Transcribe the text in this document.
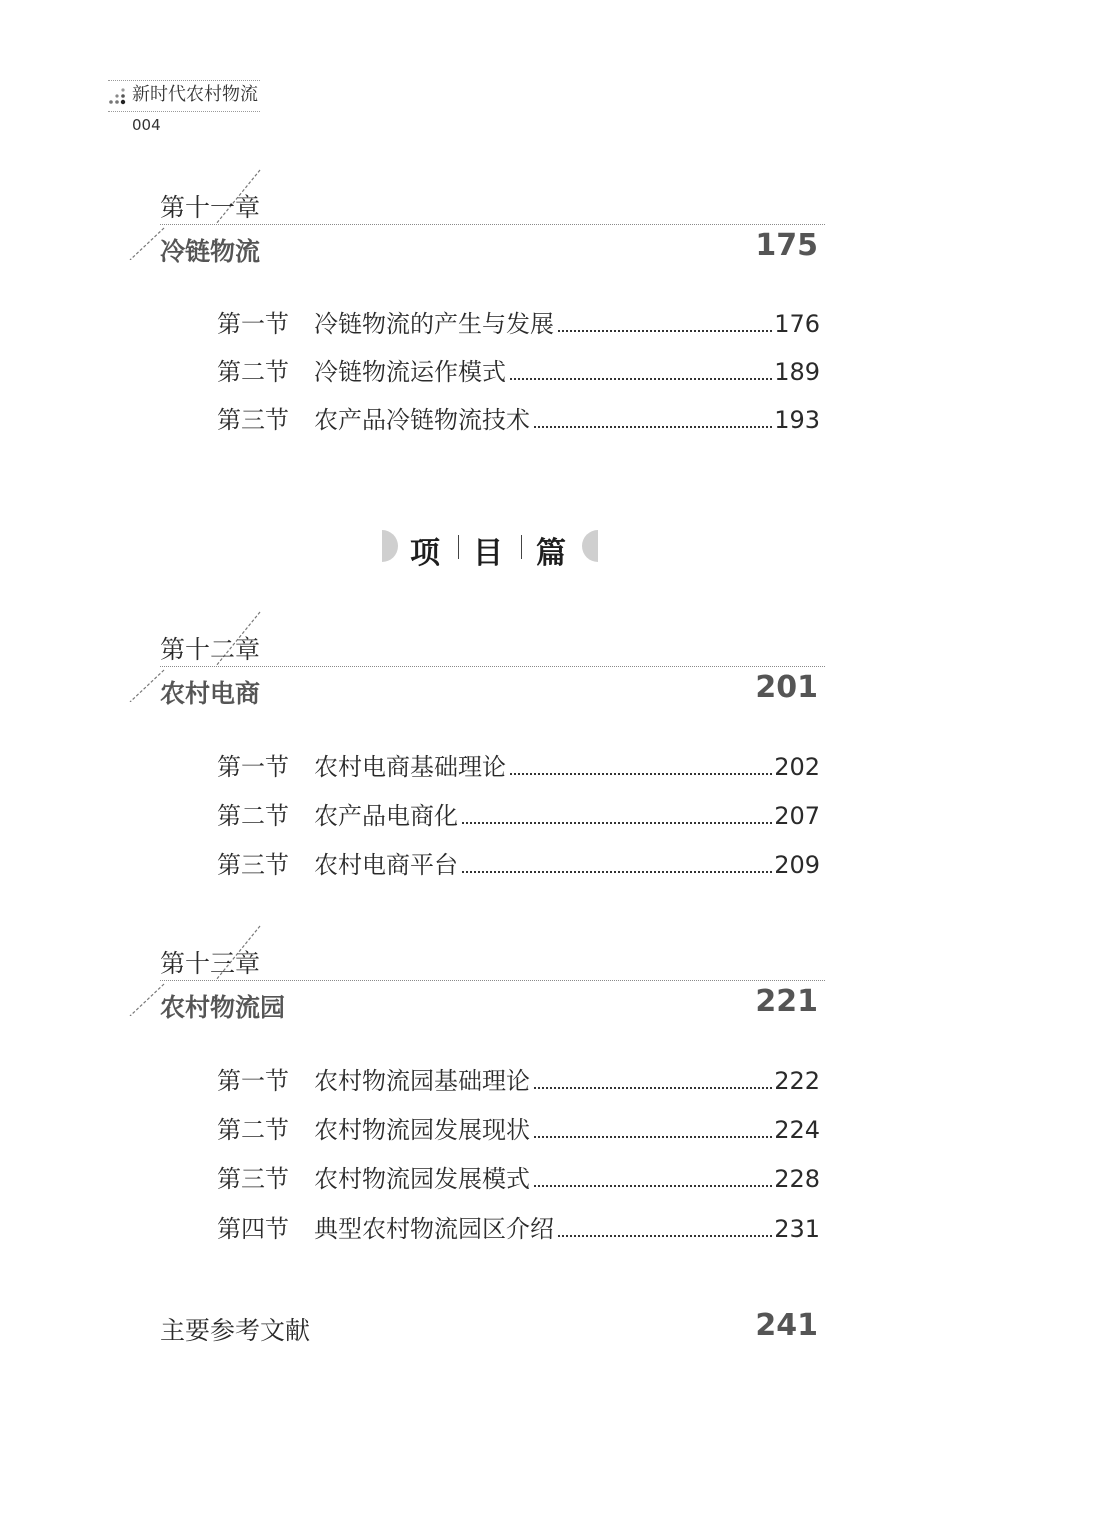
新时代农村物流
004
第十一章
冷链物流	175
第一节	冷链物流的产生与发展	176
第二节	冷链物流运作模式	189
第三节	农产品冷链物流技术	193
项 目 篇
第十二章
农村电商	201
第一节	农村电商基础理论	202
第二节	农产品电商化	207
第三节	农村电商平台	209
第十三章
农村物流园	221
第一节	农村物流园基础理论	222
第二节	农村物流园发展现状	224
第三节	农村物流园发展模式	228
第四节	典型农村物流园区介绍	231
主要参考文献	241
